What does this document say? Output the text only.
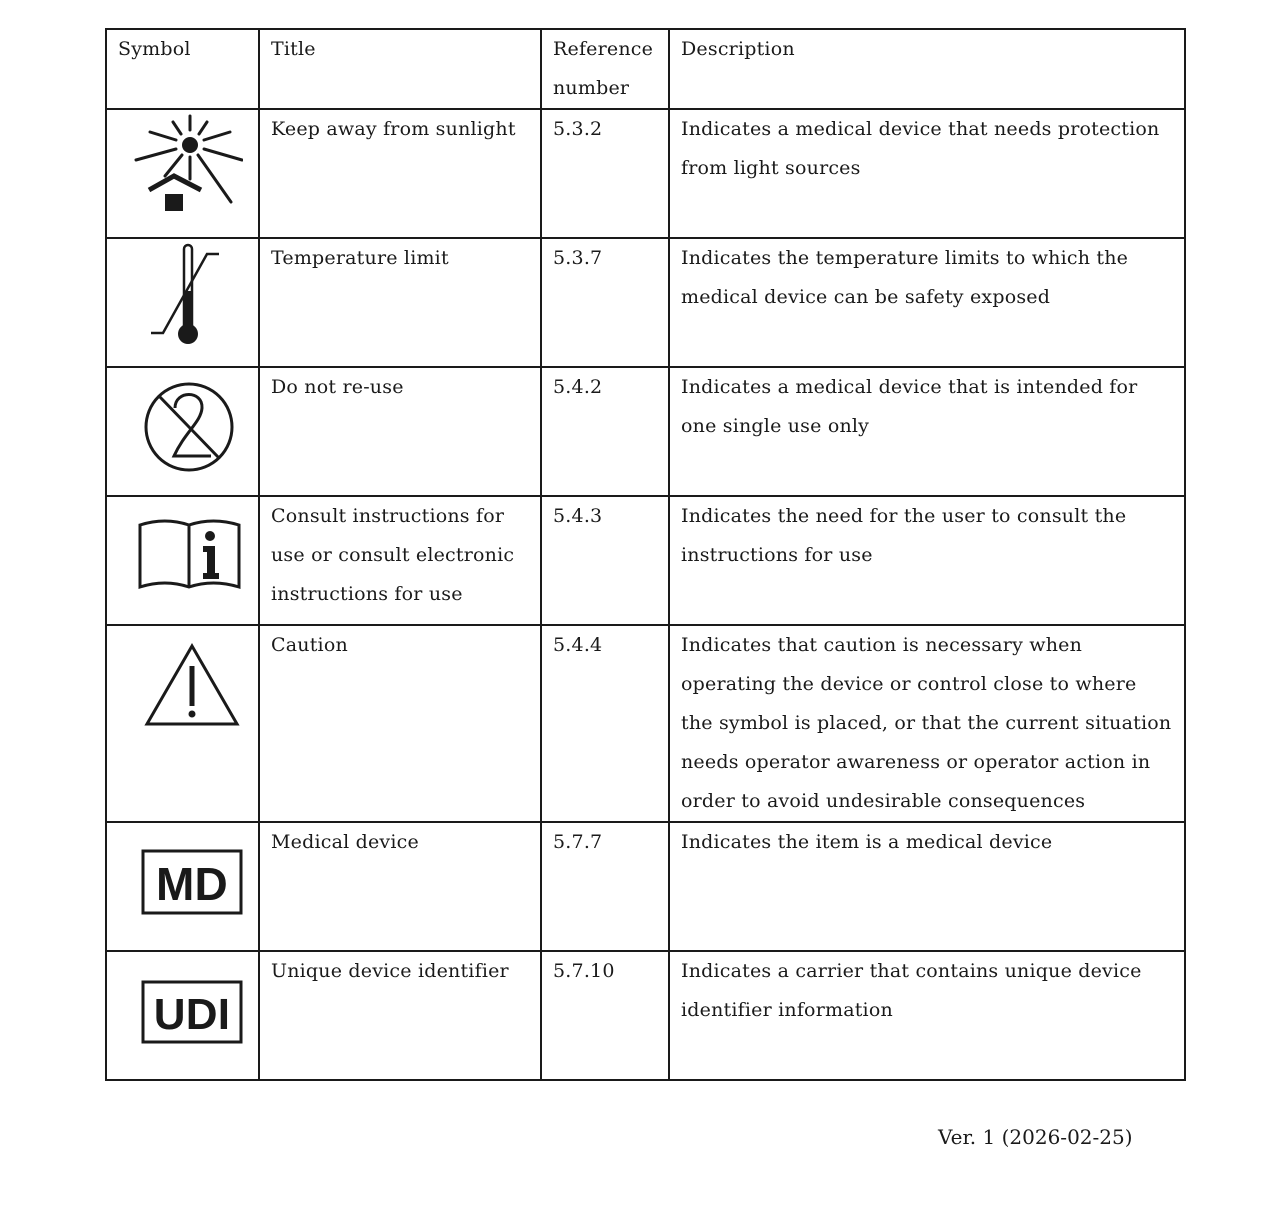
Symbol	Title	Reference number	Description

	Keep away from sunlight	5.3.2	Indicates a medical device that needs protection from light sources

	Temperature limit	5.3.7	Indicates the temperature limits to which the medical device can be safety exposed

	Do not re-use	5.4.2	Indicates a medical device that is intended for one single use only

	Consult instructions for use or consult electronic instructions for use	5.4.3	Indicates the need for the user to consult the instructions for use

	Caution	5.4.4	Indicates that caution is necessary when operating the device or control close to where the symbol is placed, or that the current situation needs operator awareness or operator action in order to avoid undesirable consequences

MD	Medical device	5.7.7	Indicates the item is a medical device

UDI	Unique device identifier	5.7.10	Indicates a carrier that contains unique device identifier information
Ver. 1 (2026-02-25)
